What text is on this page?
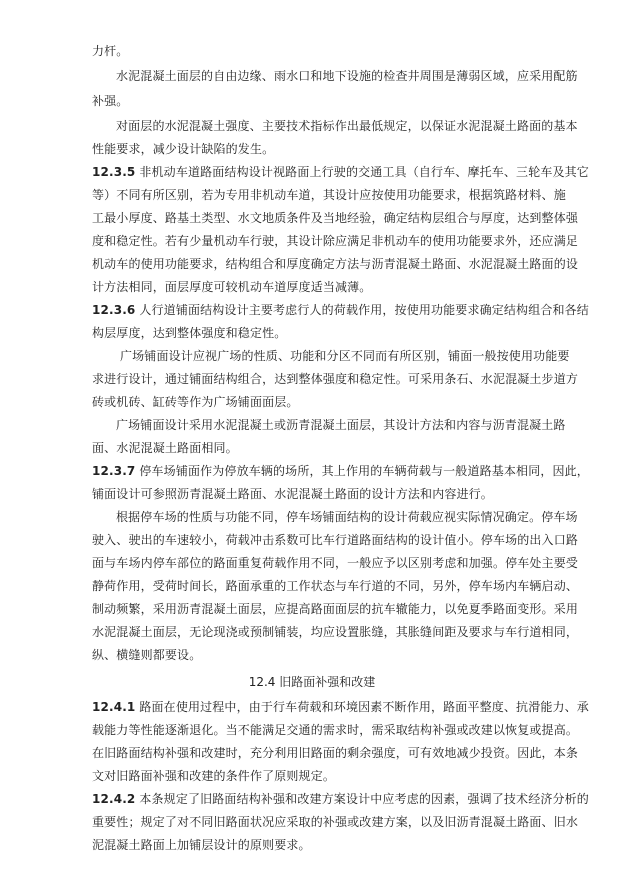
力杆。
水泥混凝土面层的自由边缘、雨水口和地下设施的检查井周围是薄弱区域，应采用配筋
补强。
对面层的水泥混凝土强度、主要技术指标作出最低规定，以保证水泥混凝土路面的基本
性能要求，减少设计缺陷的发生。
12.3.5 非机动车道路面结构设计视路面上行驶的交通工具（自行车、摩托车、三轮车及其它
等）不同有所区别，若为专用非机动车道，其设计应按使用功能要求，根据筑路材料、施
工最小厚度、路基土类型、水文地质条件及当地经验，确定结构层组合与厚度，达到整体强
度和稳定性。若有少量机动车行驶，其设计除应满足非机动车的使用功能要求外，还应满足
机动车的使用功能要求，结构组合和厚度确定方法与沥青混凝土路面、水泥混凝土路面的设
计方法相同，面层厚度可较机动车道厚度适当减薄。
12.3.6 人行道铺面结构设计主要考虑行人的荷载作用，按使用功能要求确定结构组合和各结
构层厚度，达到整体强度和稳定性。
广场铺面设计应视广场的性质、功能和分区不同而有所区别，铺面一般按使用功能要
求进行设计，通过铺面结构组合，达到整体强度和稳定性。可采用条石、水泥混凝土步道方
砖或机砖、缸砖等作为广场铺面面层。
广场铺面设计采用水泥混凝土或沥青混凝土面层，其设计方法和内容与沥青混凝土路
面、水泥混凝土路面相同。
12.3.7 停车场铺面作为停放车辆的场所，其上作用的车辆荷载与一般道路基本相同，因此，
铺面设计可参照沥青混凝土路面、水泥混凝土路面的设计方法和内容进行。
根据停车场的性质与功能不同，停车场铺面结构的设计荷载应视实际情况确定。停车场
驶入、驶出的车速较小，荷载冲击系数可比车行道路面结构的设计值小。停车场的出入口路
面与车场内停车部位的路面重复荷载作用不同，一般应予以区别考虑和加强。停车处主要受
静荷作用，受荷时间长，路面承重的工作状态与车行道的不同，另外，停车场内车辆启动、
制动频繁，采用沥青混凝土面层，应提高路面面层的抗车辙能力，以免夏季路面变形。采用
水泥混凝土面层，无论现浇或预制铺装，均应设置胀缝，其胀缝间距及要求与车行道相同，
纵、横缝则都要设。
12.4 旧路面补强和改建
12.4.1 路面在使用过程中，由于行车荷载和环境因素不断作用，路面平整度、抗滑能力、承
载能力等性能逐渐退化。当不能满足交通的需求时，需采取结构补强或改建以恢复或提高。
在旧路面结构补强和改建时，充分利用旧路面的剩余强度，可有效地减少投资。因此，本条
文对旧路面补强和改建的条件作了原则规定。
12.4.2 本条规定了旧路面结构补强和改建方案设计中应考虑的因素，强调了技术经济分析的
重要性；规定了对不同旧路面状况应采取的补强或改建方案，以及旧沥青混凝土路面、旧水
泥混凝土路面上加铺层设计的原则要求。
